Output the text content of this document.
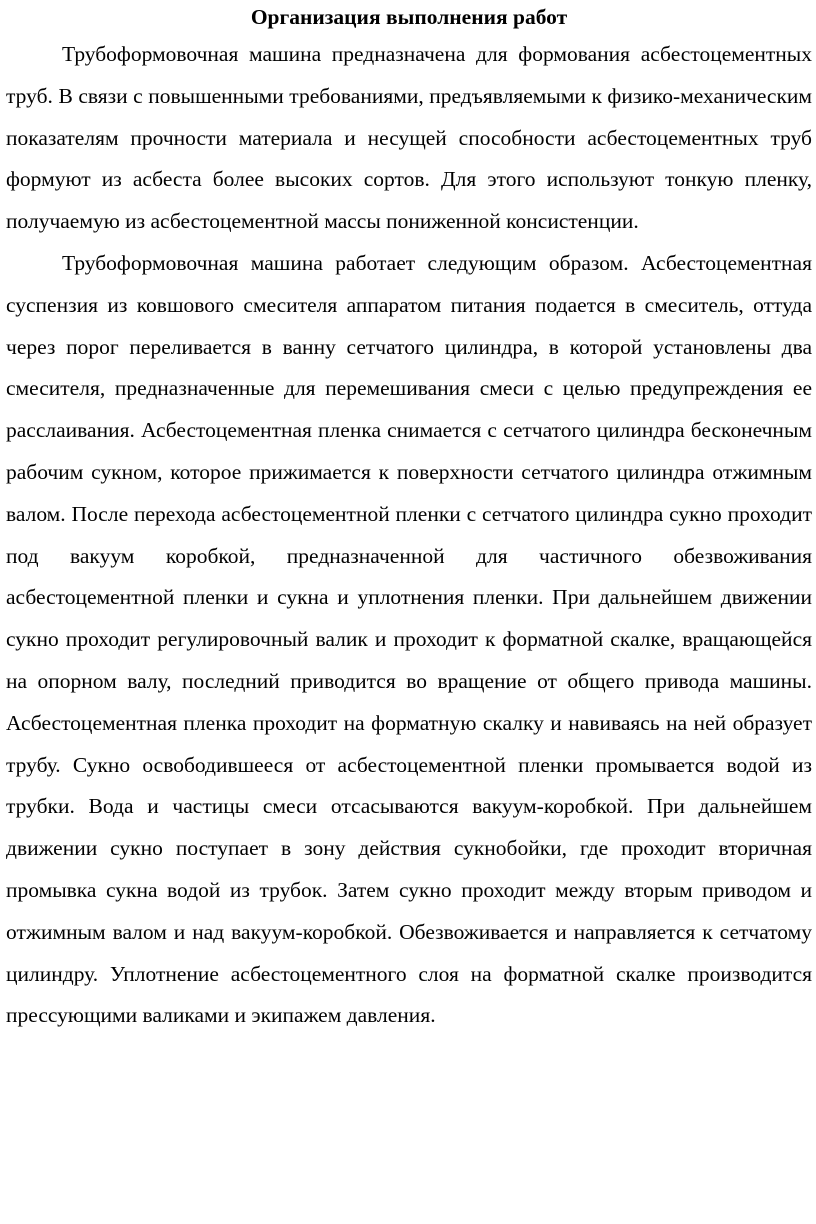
Организация выполнения работ

Трубоформовочная машина предназначена для формования асбестоцементных труб. В связи с повышенными требованиями, предъявляемыми к физико-механическим показателям прочности материала и несущей способности асбестоцементных труб формуют из асбеста более высоких сортов. Для этого используют тонкую пленку, получаемую из асбестоцементной массы пониженной консистенции.

Трубоформовочная машина работает следующим образом. Асбестоцементная суспензия из ковшового смесителя аппаратом питания подается в смеситель, оттуда через порог переливается в ванну сетчатого цилиндра, в которой установлены два смесителя, предназначенные для перемешивания смеси с целью предупреждения ее расслаивания. Асбестоцементная пленка снимается с сетчатого цилиндра бесконечным рабочим сукном, которое прижимается к поверхности сетчатого цилиндра отжимным валом. После перехода асбестоцементной пленки с сетчатого цилиндра сукно проходит под вакуум коробкой, предназначенной для частичного обезвоживания асбестоцементной пленки и сукна и уплотнения пленки. При дальнейшем движении сукно проходит регулировочный валик и проходит к форматной скалке, вращающейся на опорном валу, последний приводится во вращение от общего привода машины. Асбестоцементная пленка проходит на форматную скалку и навиваясь на ней образует трубу. Сукно освободившееся от асбестоцементной пленки промывается водой из трубки. Вода и частицы смеси отсасываются вакуум-коробкой. При дальнейшем движении сукно поступает в зону действия сукнобойки, где проходит вторичная промывка сукна водой из трубок. Затем сукно проходит между вторым приводом и отжимным валом и над вакуум-коробкой. Обезвоживается и направляется к сетчатому цилиндру. Уплотнение асбестоцементного слоя на форматной скалке производится прессующими валиками и экипажем давления.
